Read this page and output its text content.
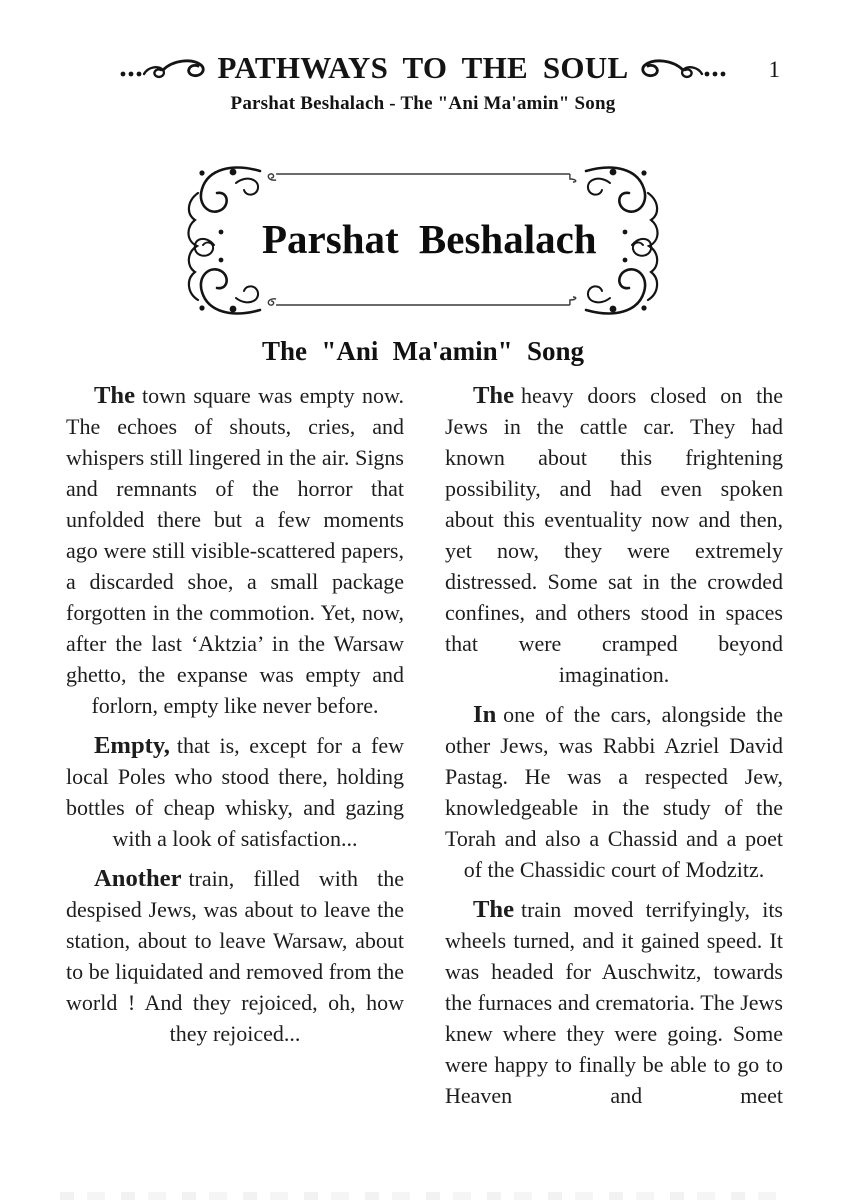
PATHWAYS TO THE SOUL	1
Parshat Beshalach - The "Ani Ma'amin" Song
Parshat Beshalach
The "Ani Ma'amin" Song

The town square was empty now. The echoes of shouts, cries, and whispers still lingered in the air. Signs and remnants of the horror that unfolded there but a few moments ago were still visible-scattered papers, a discarded shoe, a small package forgotten in the commotion. Yet, now, after the last ‘Aktzia’ in the Warsaw ghetto, the expanse was empty and forlorn, empty like never before.

Empty, that is, except for a few local Poles who stood there, holding bottles of cheap whisky, and gazing with a look of satisfaction...

Another train, filled with the despised Jews, was about to leave the station, about to leave Warsaw, about to be liquidated and removed from the world ! And they rejoiced, oh, how they rejoiced...

The heavy doors closed on the Jews in the cattle car. They had known about this frightening possibility, and had even spoken about this eventuality now and then, yet now, they were extremely distressed. Some sat in the crowded confines, and others stood in spaces that were cramped beyond imagination.

In one of the cars, alongside the other Jews, was Rabbi Azriel David Pastag. He was a respected Jew, knowledgeable in the study of the Torah and also a Chassid and a poet of the Chassidic court of Modzitz.

The train moved terrifyingly, its wheels turned, and it gained speed. It was headed for Auschwitz, towards the furnaces and crematoria. The Jews knew where they were going. Some were happy to finally be able to go to Heaven and meet
